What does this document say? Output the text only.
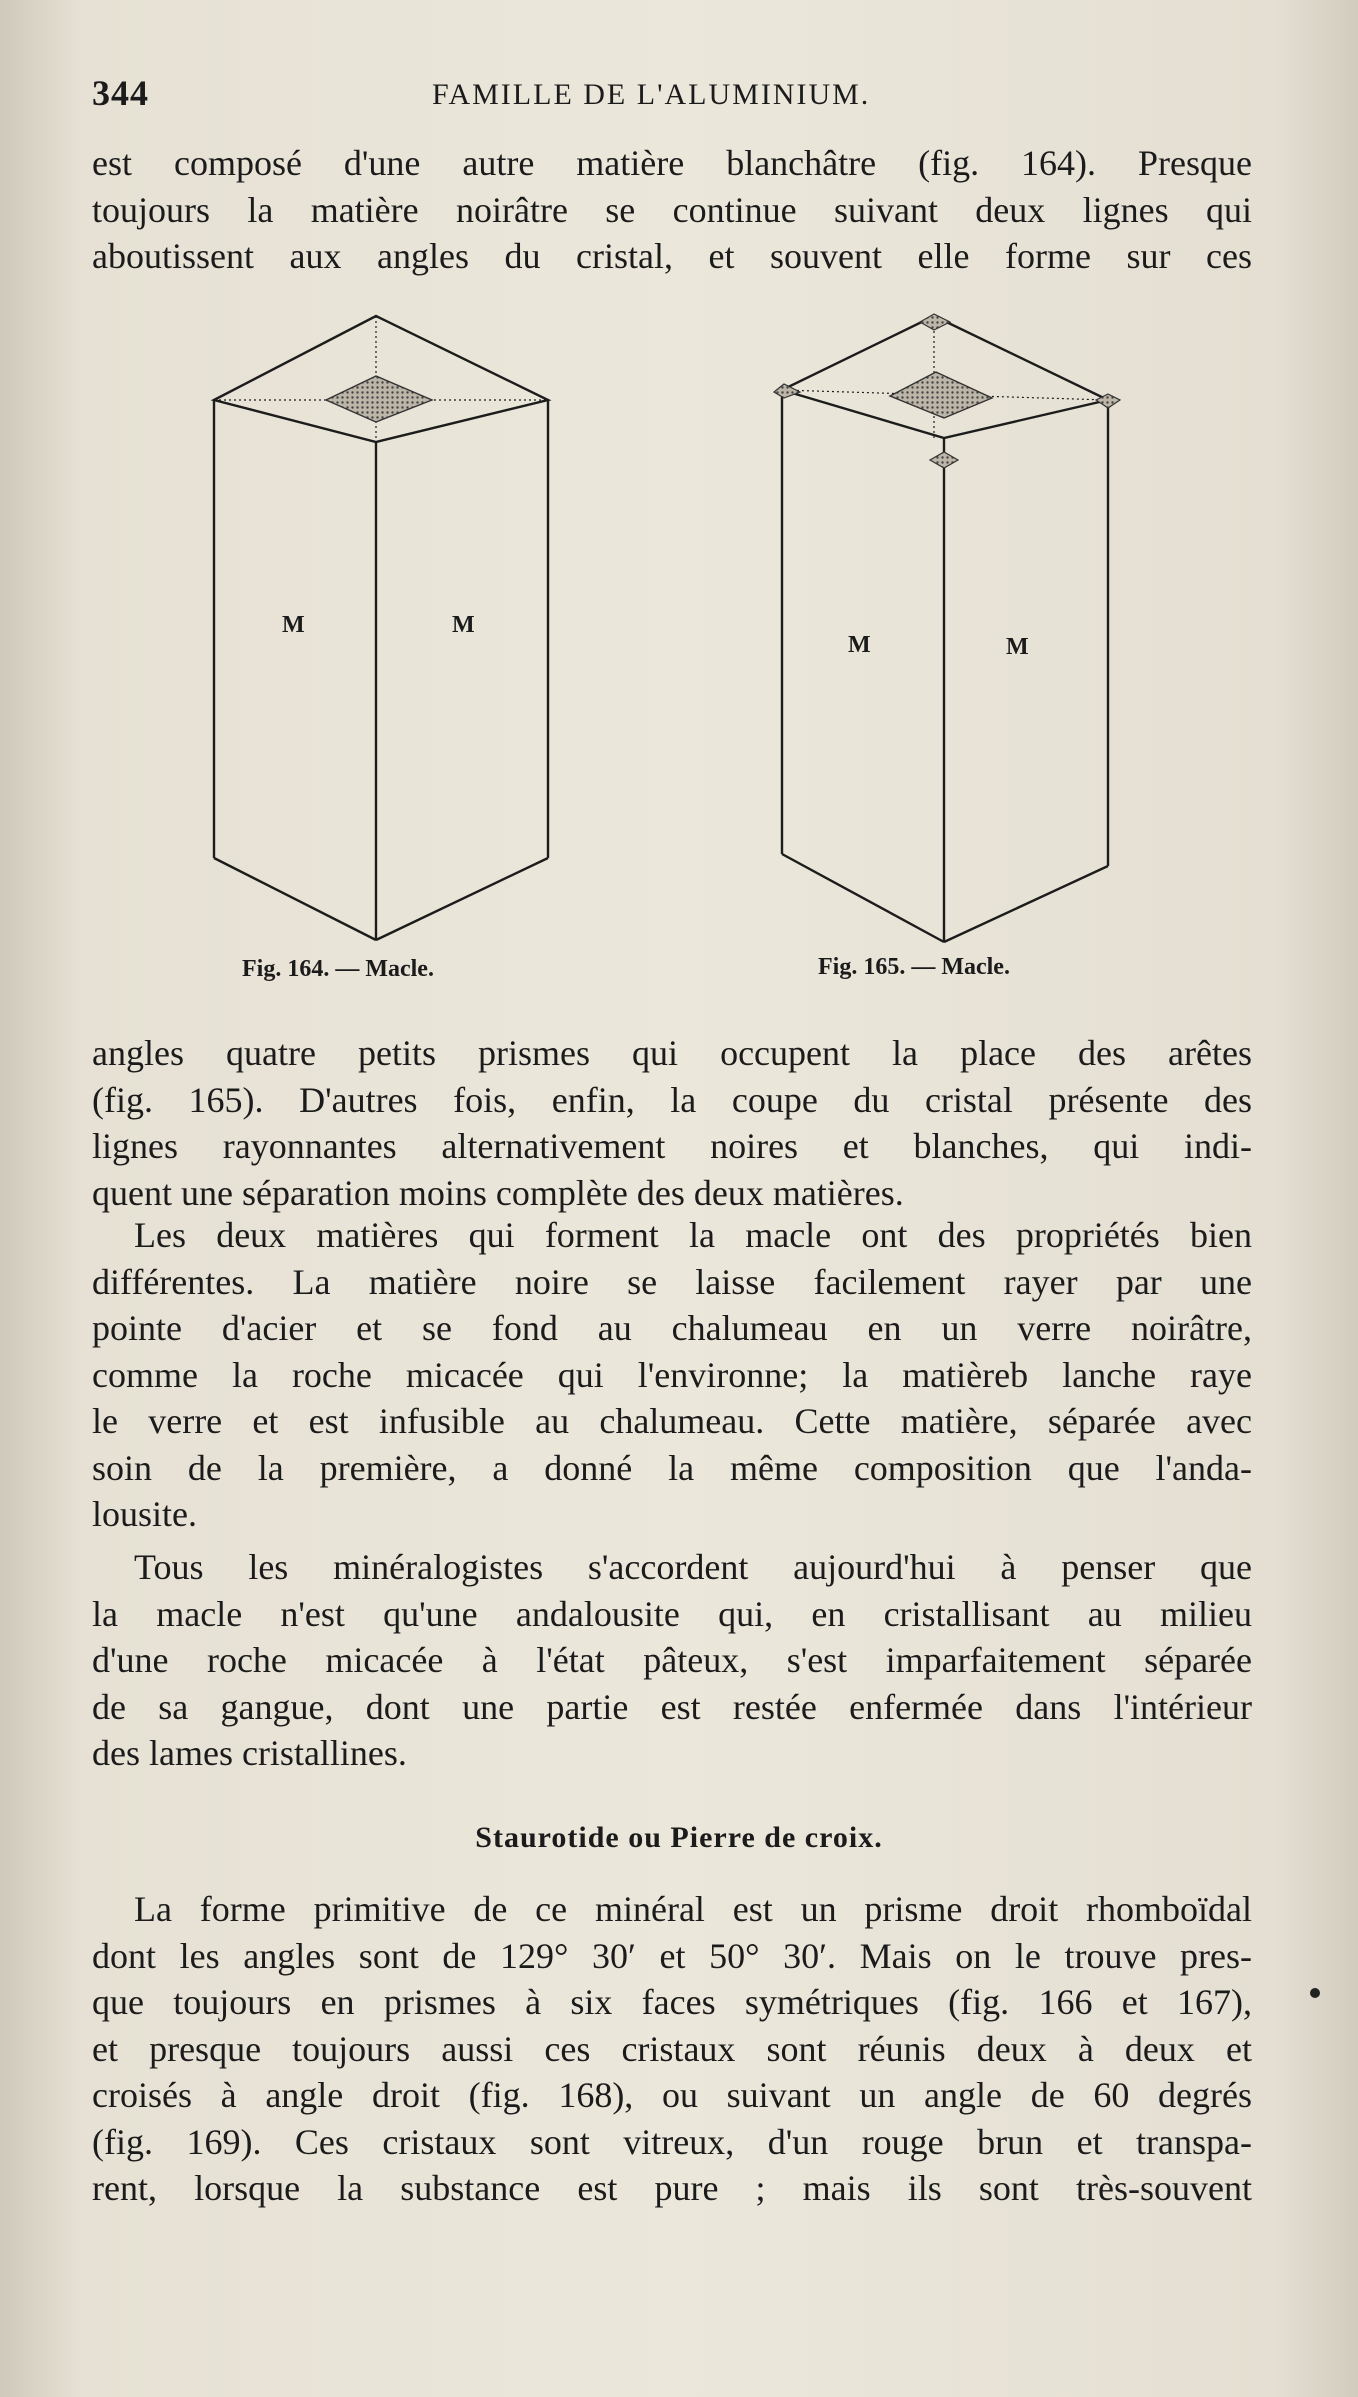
344	FAMILLE DE L'ALUMINIUM.
est composé d'une autre matière blanchâtre (fig. 164). Presque
toujours la matière noirâtre se continue suivant deux lignes qui
aboutissent aux angles du cristal, et souvent elle forme sur ces
M	M
Fig. 164. — Macle.
M	M
Fig. 165. — Macle.
angles quatre petits prismes qui occupent la place des arêtes
(fig. 165). D'autres fois, enfin, la coupe du cristal présente des
lignes rayonnantes alternativement noires et blanches, qui indi-
quent une séparation moins complète des deux matières.
Les deux matières qui forment la macle ont des propriétés bien
différentes. La matière noire se laisse facilement rayer par une
pointe d'acier et se fond au chalumeau en un verre noirâtre,
comme la roche micacée qui l'environne; la matièreb lanche raye
le verre et est infusible au chalumeau. Cette matière, séparée avec
soin de la première, a donné la même composition que l'anda-
lousite.
Tous les minéralogistes s'accordent aujourd'hui à penser que
la macle n'est qu'une andalousite qui, en cristallisant au milieu
d'une roche micacée à l'état pâteux, s'est imparfaitement séparée
de sa gangue, dont une partie est restée enfermée dans l'intérieur
des lames cristallines.
Staurotide ou Pierre de croix.
La forme primitive de ce minéral est un prisme droit rhomboïdal
dont les angles sont de 129° 30′ et 50° 30′. Mais on le trouve pres-
que toujours en prismes à six faces symétriques (fig. 166 et 167),
et presque toujours aussi ces cristaux sont réunis deux à deux et
croisés à angle droit (fig. 168), ou suivant un angle de 60 degrés
(fig. 169). Ces cristaux sont vitreux, d'un rouge brun et transpa-
rent, lorsque la substance est pure ; mais ils sont très-souvent
